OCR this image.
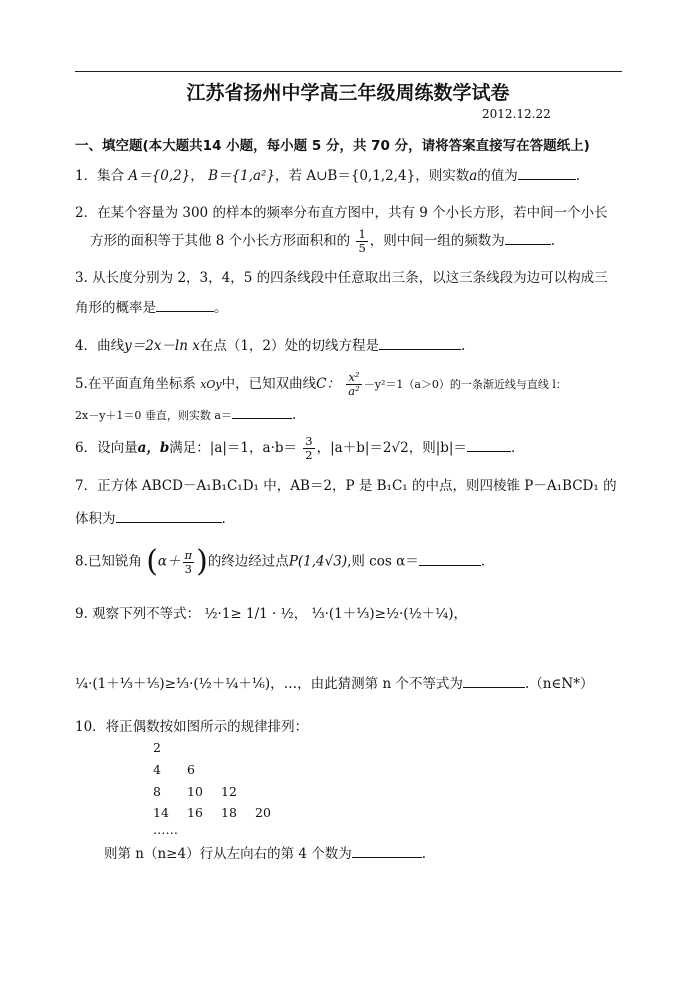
江苏省扬州中学高三年级周练数学试卷
2012.12.22
一、填空题(本大题共14 小题，每小题 5 分，共 70 分，请将答案直接写在答题纸上)
1．集合 A＝{0,2}， B＝{1,a²}，若 A∪B＝{0,1,2,4}，则实数a的值为	.
2．在某个容量为 300 的样本的频率分布直方图中，共有 9 个小长方形，若中间一个小长
方形的面积等于其他 8 个小长方形面积和的 $\frac{1}{5}$ ，则中间一组的频数为	.
3. 从长度分别为 2，3，4，5 的四条线段中任意取出三条，以这三条线段为边可以构成三
角形的概率是	。
4．曲线y＝2x－ln x在点（1，2）处的切线方程是	.
5.在平面直角坐标系 xOy中，已知双曲线C： $\frac{\text{x²}}{\text{a²}} -y^2=1(a>0)$的一条渐近线与直线 l：
2x－y＋1＝0 垂直，则实数 a＝	.
6．设向量a，b满足：|a|＝1，$a\cdot b= \frac{3}{2}$ ，|a＋b|＝2√2，则|b|＝	.
7．正方体 ABCD－A₁B₁C₁D₁ 中，AB＝2，P 是 B₁C₁ 的中点，则四棱锥 P－A₁BCD₁ 的
体积为	.
8.已知锐角 ($\alpha+ \frac{\pi}{3}$ )的终边经过点P(1,4√3),则 cos α＝	.
9. 观察下列不等式： ½·1≥ 1/1 · ½， ⅓·(1＋⅓)≥½·(½＋¼)，
¼·(1＋⅓＋⅕)≥⅓·(½＋¼＋⅙)，…，由此猜测第 n 个不等式为	.（n∈N*）
10．将正偶数按如图所示的规律排列：
2
4 6
8 10 12
14 16 18 20
……
则第 n（n≥4）行从左向右的第 4 个数为	.
